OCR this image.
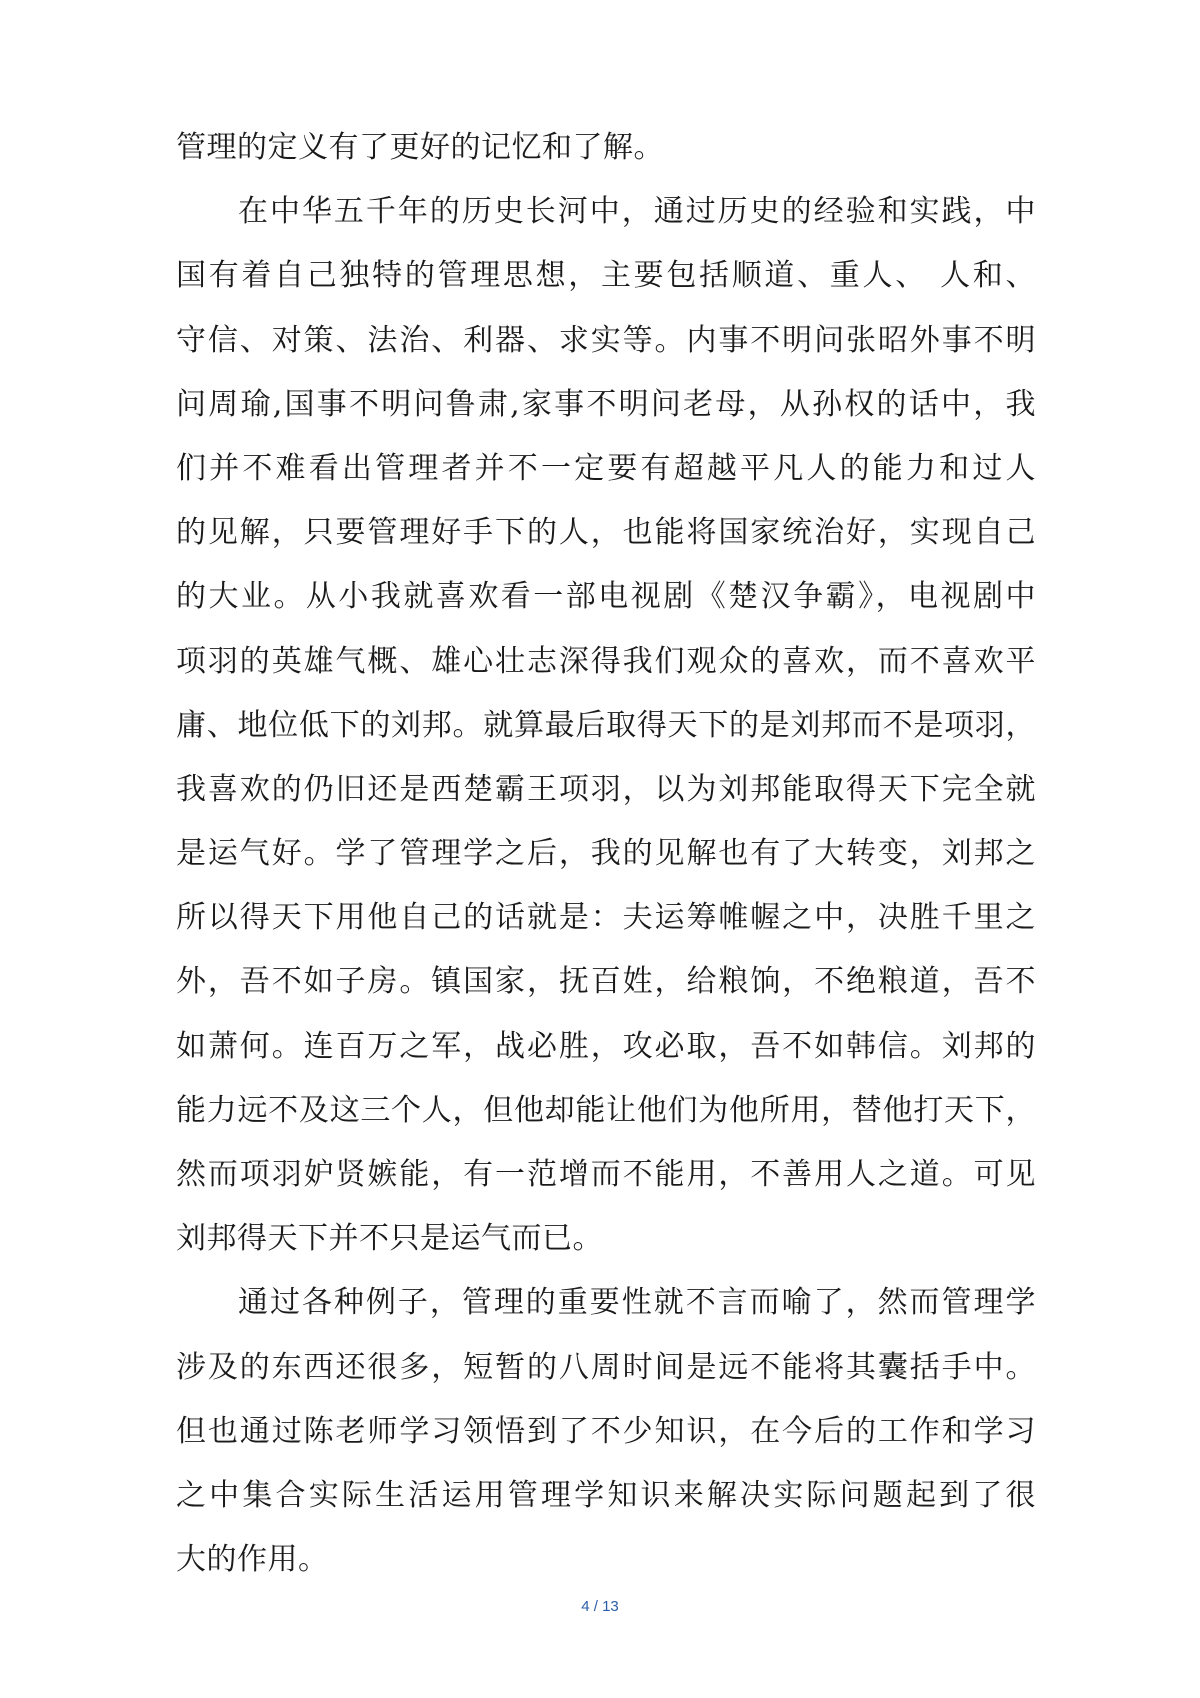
管理的定义有了更好的记忆和了解。
在中华五千年的历史长河中，通过历史的经验和实践，中
国有着自己独特的管理思想，主要包括顺道、重人、 人和、
守信、对策、法治、利器、求实等。内事不明问张昭外事不明
问周瑜,国事不明问鲁肃,家事不明问老母，从孙权的话中，我
们并不难看出管理者并不一定要有超越平凡人的能力和过人
的见解，只要管理好手下的人，也能将国家统治好，实现自己
的大业。从小我就喜欢看一部电视剧《楚汉争霸》，电视剧中
项羽的英雄气概、雄心壮志深得我们观众的喜欢，而不喜欢平
庸、地位低下的刘邦。就算最后取得天下的是刘邦而不是项羽，
我喜欢的仍旧还是西楚霸王项羽，以为刘邦能取得天下完全就
是运气好。学了管理学之后，我的见解也有了大转变，刘邦之
所以得天下用他自己的话就是：夫运筹帷幄之中，决胜千里之
外，吾不如子房。镇国家，抚百姓，给粮饷，不绝粮道，吾不
如萧何。连百万之军，战必胜，攻必取，吾不如韩信。刘邦的
能力远不及这三个人，但他却能让他们为他所用，替他打天下，
然而项羽妒贤嫉能，有一范增而不能用，不善用人之道。可见
刘邦得天下并不只是运气而已。
通过各种例子，管理的重要性就不言而喻了，然而管理学
涉及的东西还很多，短暂的八周时间是远不能将其囊括手中。
但也通过陈老师学习领悟到了不少知识，在今后的工作和学习
之中集合实际生活运用管理学知识来解决实际问题起到了很
大的作用。
4 / 13
